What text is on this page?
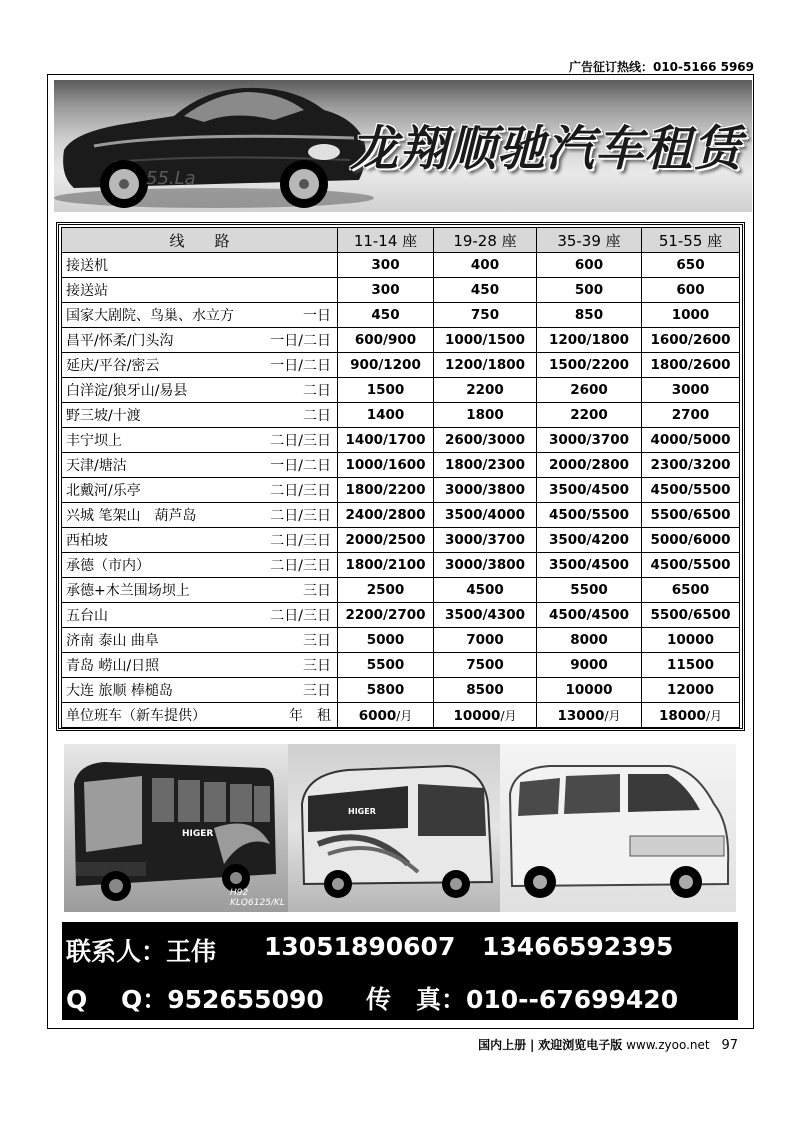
广告征订热线：010-5166 5969
55.La
龙翔顺驰汽车租赁
线　　路	11-14 座	19-28 座	35-39 座	51-55 座
接送机	300	400	600	650
接送站	300	450	500	600
国家大剧院、鸟巢、水立方 一日	450	750	850	1000
昌平/怀柔/门头沟 一日/二日	600/900	1000/1500	1200/1800	1600/2600
延庆/平谷/密云 一日/二日	900/1200	1200/1800	1500/2200	1800/2600
白洋淀/狼牙山/易县 二日	1500	2200	2600	3000
野三坡/十渡 二日	1400	1800	2200	2700
丰宁坝上 二日/三日	1400/1700	2600/3000	3000/3700	4000/5000
天津/塘沽 一日/二日	1000/1600	1800/2300	2000/2800	2300/3200
北戴河/乐亭 二日/三日	1800/2200	3000/3800	3500/4500	4500/5500
兴城 笔架山　葫芦岛 二日/三日	2400/2800	3500/4000	4500/5500	5500/6500
西柏坡 二日/三日	2000/2500	3000/3700	3500/4200	5000/6000
承德（市内） 二日/三日	1800/2100	3000/3800	3500/4500	4500/5500
承德+木兰围场坝上 三日	2500	4500	5500	6500
五台山 二日/三日	2200/2700	3500/4300	4500/4500	5500/6500
济南 泰山 曲阜 三日	5000	7000	8000	10000
青岛 崂山/日照 三日	5500	7500	9000	11500
大连 旅顺 棒槌岛 三日	5800	8500	10000	12000
单位班车（新车提供） 年　租	6000/月	10000/月	13000/月	18000/月
HIGER
H92 KLQ6125/KL
HIGER
联系人：王伟 13051890607 13466592395
Q　 Q：952655090 传　真：010--67699420
国内上册 | 欢迎浏览电子版 www.zyoo.net 97
